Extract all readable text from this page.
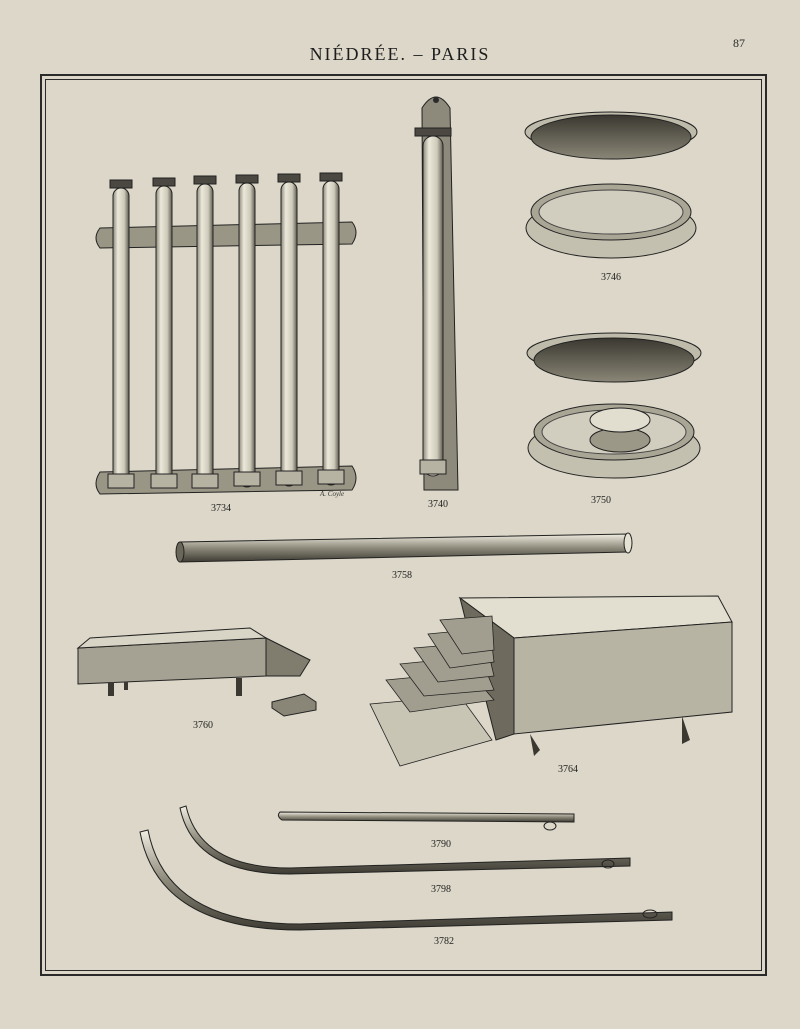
87
NIÉDRÉE. – PARIS
A. Coyle
3734	3740
3746
3750
3758
3760
3764
3790
3798
3782
